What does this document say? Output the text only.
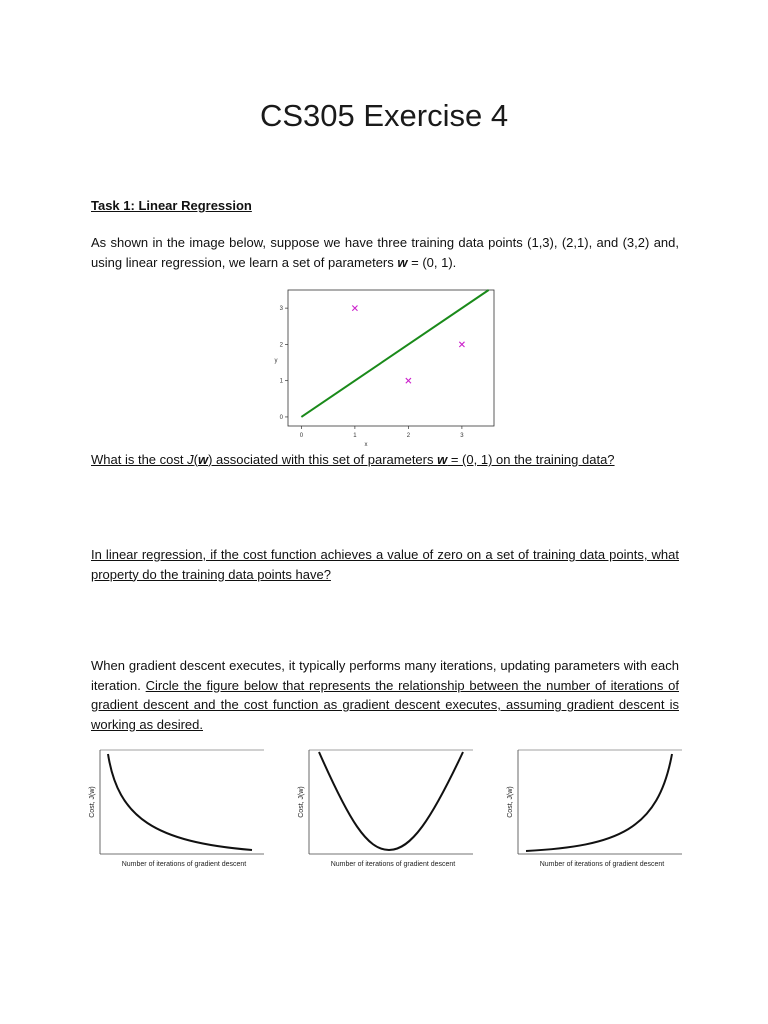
CS305 Exercise 4

Task 1: Linear Regression

As shown in the image below, suppose we have three training data points (1,3), (2,1), and (3,2) and, using linear regression, we learn a set of parameters w = (0, 1).

0	1	2	3
0
1
2
3
x
y

What is the cost J(w) associated with this set of parameters w = (0, 1) on the training data?

In linear regression, if the cost function achieves a value of zero on a set of training data points, what property do the training data points have?

When gradient descent executes, it typically performs many iterations, updating parameters with each iteration. Circle the figure below that represents the relationship between the number of iterations of gradient descent and the cost function as gradient descent executes, assuming gradient descent is working as desired.

Number of iterations of gradient descent
Cost, J(w)
Number of iterations of gradient descent
Cost, J(w)
Number of iterations of gradient descent
Cost, J(w)
